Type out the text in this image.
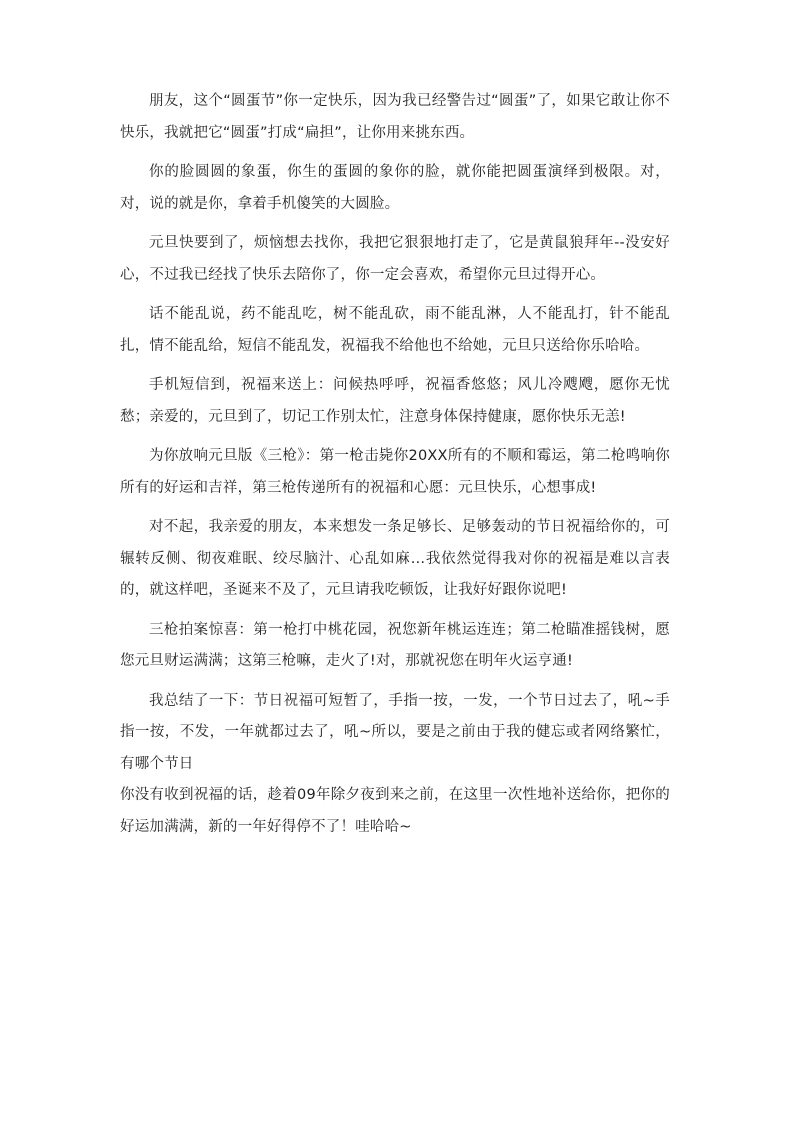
朋友，这个“圆蛋节”你一定快乐，因为我已经警告过“圆蛋”了，如果它敢让你不快乐，我就把它“圆蛋”打成“扁担”，让你用来挑东西。

你的脸圆圆的象蛋，你生的蛋圆的象你的脸，就你能把圆蛋演绎到极限。对，对，说的就是你，拿着手机傻笑的大圆脸。

元旦快要到了，烦恼想去找你，我把它狠狠地打走了，它是黄鼠狼拜年--没安好心，不过我已经找了快乐去陪你了，你一定会喜欢，希望你元旦过得开心。

话不能乱说，药不能乱吃，树不能乱砍，雨不能乱淋，人不能乱打，针不能乱扎，情不能乱给，短信不能乱发，祝福我不给他也不给她，元旦只送给你乐哈哈。

手机短信到，祝福来送上：问候热呼呼，祝福香悠悠；风儿冷飕飕，愿你无忧愁；亲爱的，元旦到了，切记工作别太忙，注意身体保持健康，愿你快乐无恙!

为你放响元旦版《三枪》：第一枪击毙你20XX所有的不顺和霉运，第二枪鸣响你所有的好运和吉祥，第三枪传递所有的祝福和心愿：元旦快乐，心想事成!

对不起，我亲爱的朋友，本来想发一条足够长、足够轰动的节日祝福给你的，可辗转反侧、彻夜难眠、绞尽脑汁、心乱如麻…我依然觉得我对你的祝福是难以言表的，就这样吧，圣诞来不及了，元旦请我吃顿饭，让我好好跟你说吧!

三枪拍案惊喜：第一枪打中桃花园，祝您新年桃运连连；第二枪瞄准摇钱树，愿您元旦财运满满；这第三枪嘛，走火了!对，那就祝您在明年火运亨通!

我总结了一下：节日祝福可短暂了，手指一按，一发，一个节日过去了，吼~手指一按，不发，一年就都过去了，吼~所以，要是之前由于我的健忘或者网络繁忙，有哪个节日

你没有收到祝福的话，趁着09年除夕夜到来之前，在这里一次性地补送给你，把你的好运加满满，新的一年好得停不了！哇哈哈~
